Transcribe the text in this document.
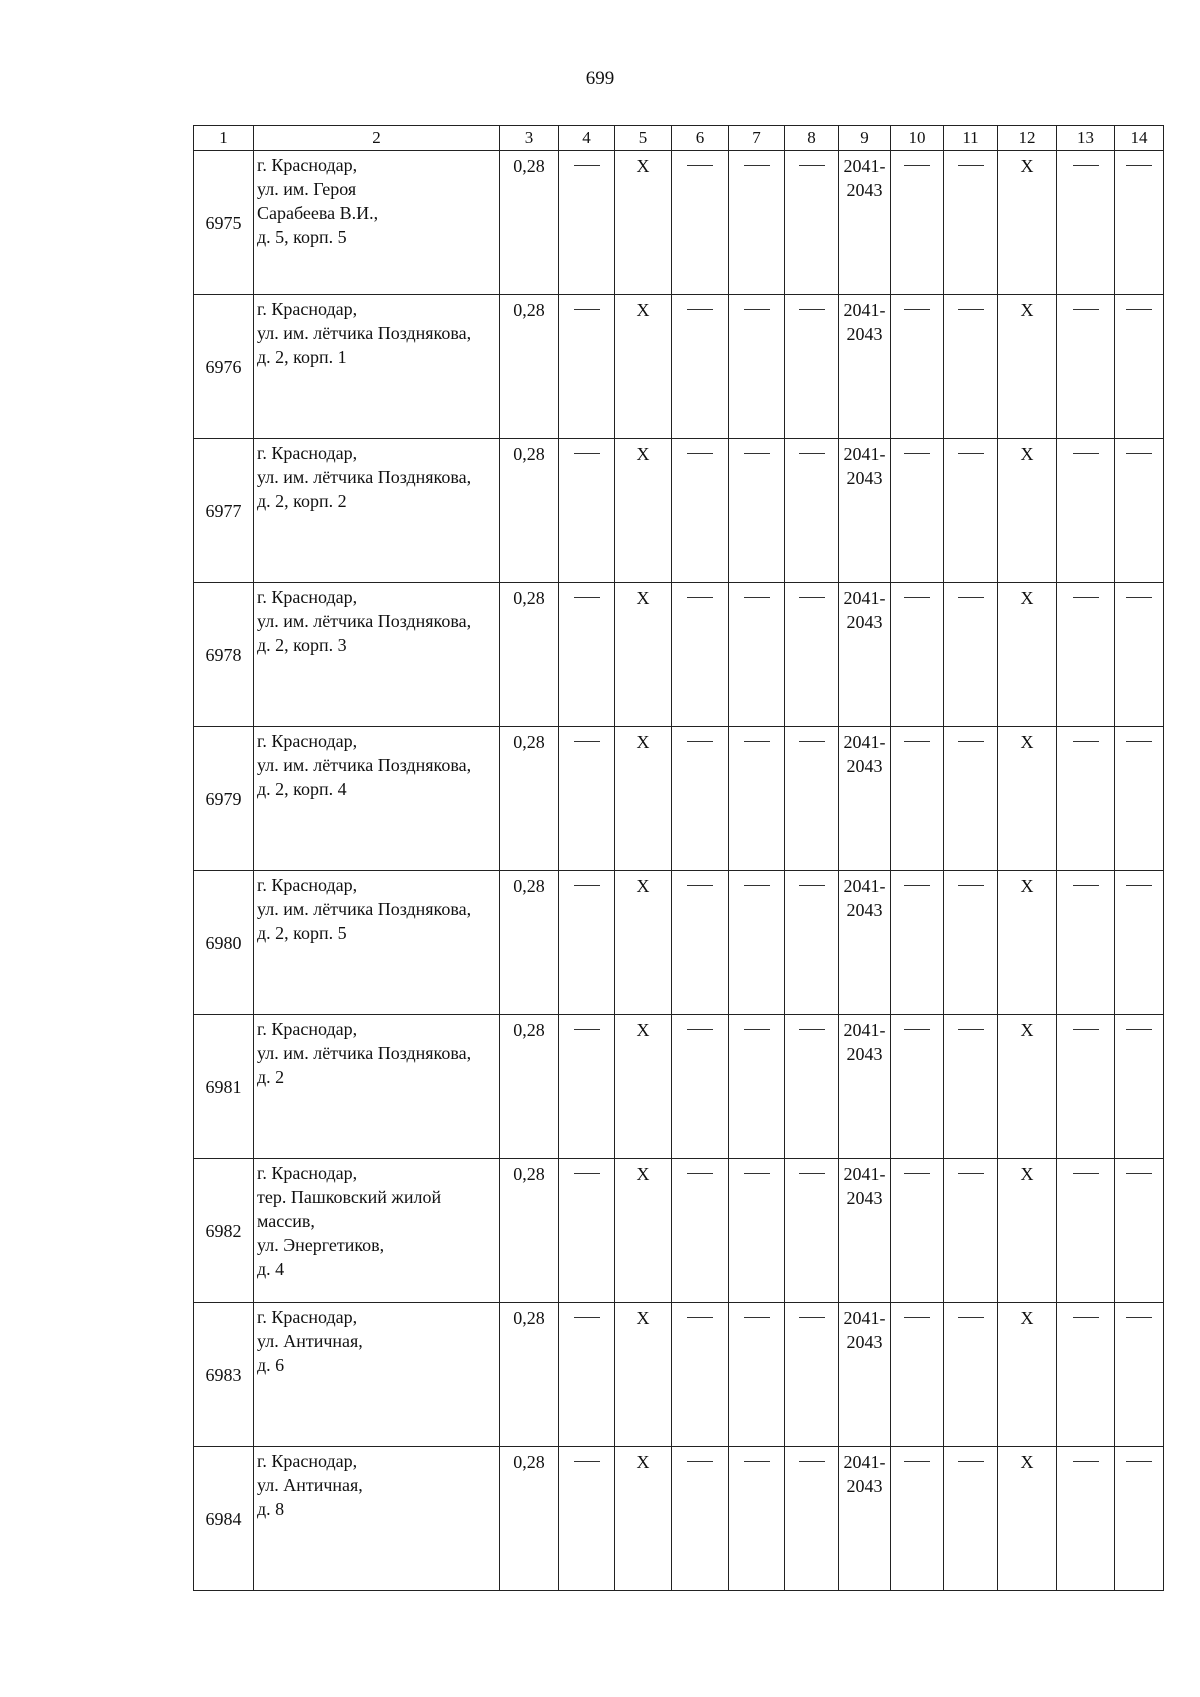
699
1	2	3	4	5	6	7	8	9	10	11	12	13	14
6975	г. Краснодар,
ул. им. Героя
Сарабеева В.И.,
д. 5, корп. 5	0,28		Х				2041-
2043			Х		
6976	г. Краснодар,
ул. им. лётчика Позднякова,
д. 2, корп. 1	0,28		Х				2041-
2043			Х		
6977	г. Краснодар,
ул. им. лётчика Позднякова,
д. 2, корп. 2	0,28		Х				2041-
2043			Х		
6978	г. Краснодар,
ул. им. лётчика Позднякова,
д. 2, корп. 3	0,28		Х				2041-
2043			Х		
6979	г. Краснодар,
ул. им. лётчика Позднякова,
д. 2, корп. 4	0,28		Х				2041-
2043			Х		
6980	г. Краснодар,
ул. им. лётчика Позднякова,
д. 2, корп. 5	0,28		Х				2041-
2043			Х		
6981	г. Краснодар,
ул. им. лётчика Позднякова,
д. 2	0,28		Х				2041-
2043			Х		
6982	г. Краснодар,
тер. Пашковский жилой
массив,
ул. Энергетиков,
д. 4	0,28		Х				2041-
2043			Х		
6983	г. Краснодар,
ул. Античная,
д. 6	0,28		Х				2041-
2043			Х		
6984	г. Краснодар,
ул. Античная,
д. 8	0,28		Х				2041-
2043			Х		
